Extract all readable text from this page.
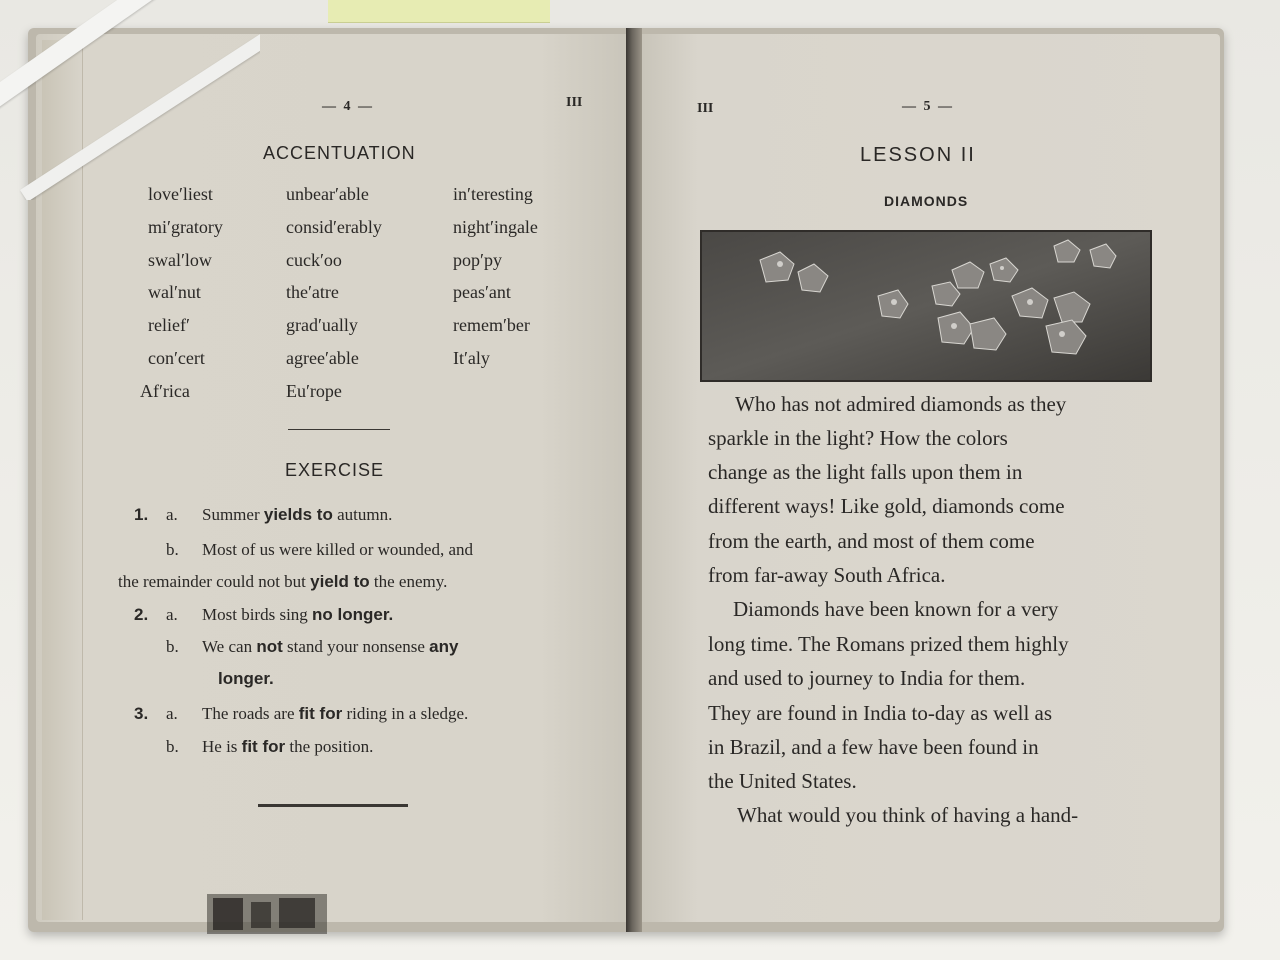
— 4 —	III
ACCENTUATION
love′liest	unbear′able	in′teresting
mi′gratory	consid′erably	night′ingale
swal′low	cuck′oo	pop′py
wal′nut	the′atre	peas′ant
relief′	grad′ually	remem′ber
con′cert	agree′able	It′aly
Af′rica	Eu′rope
EXERCISE
1. a. Summer yields to autumn.
b. Most of us were killed or wounded, and
the remainder could not but yield to the enemy.
2. a. Most birds sing no longer.
b. We can not stand your nonsense any
longer.
3. a. The roads are fit for riding in a sledge.
b. He is fit for the position.
III	— 5 —
LESSON II
DIAMONDS
Who has not admired diamonds as they
sparkle in the light? How the colors
change as the light falls upon them in
different ways! Like gold, diamonds come
from the earth, and most of them come
from far-away South Africa.
Diamonds have been known for a very
long time. The Romans prized them highly
and used to journey to India for them.
They are found in India to-day as well as
in Brazil, and a few have been found in
the United States.
What would you think of having a hand-
